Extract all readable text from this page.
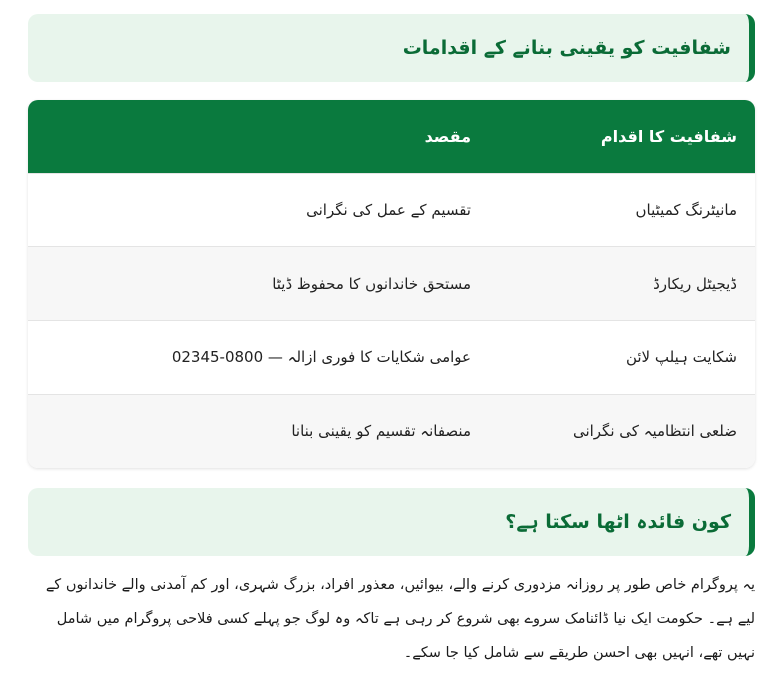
شفافیت کو یقینی بنانے کے اقدامات
شفافیت کا اقدام	مقصد
مانیٹرنگ کمیٹیاں	تقسیم کے عمل کی نگرانی
ڈیجیٹل ریکارڈ	مستحق خاندانوں کا محفوظ ڈیٹا
شکایت ہیلپ لائن	عوامی شکایات کا فوری ازالہ — 0800-02345
ضلعی انتظامیہ کی نگرانی	منصفانہ تقسیم کو یقینی بنانا
کون فائدہ اٹھا سکتا ہے؟

یہ پروگرام خاص طور پر روزانہ مزدوری کرنے والے، بیوائیں، معذور افراد، بزرگ شہری، اور کم آمدنی والے خاندانوں کے لیے ہے۔ حکومت ایک نیا ڈائنامک سروے بھی شروع کر رہی ہے تاکہ وہ لوگ جو پہلے کسی فلاحی پروگرام میں شامل نہیں تھے، انہیں بھی احسن طریقے سے شامل کیا جا سکے۔
